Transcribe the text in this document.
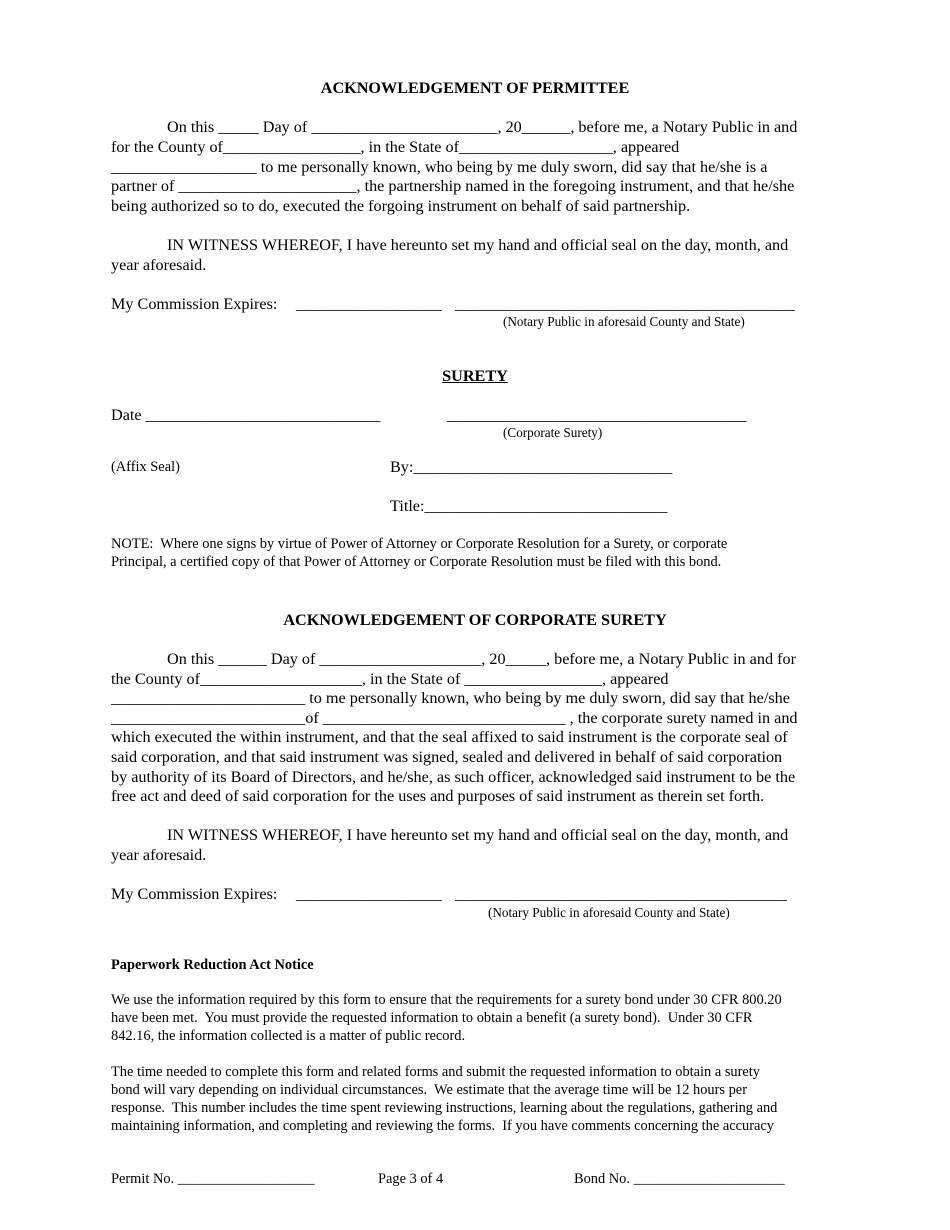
ACKNOWLEDGEMENT OF PERMITTEE
On this _____ Day of _______________________, 20______, before me, a Notary Public in and
for the County of_________________, in the State of___________________, appeared
__________________ to me personally known, who being by me duly sworn, did say that he/she is a
partner of ______________________, the partnership named in the foregoing instrument, and that he/she
being authorized so to do, executed the forgoing instrument on behalf of said partnership.
IN WITNESS WHEREOF, I have hereunto set my hand and official seal on the day, month, and
year aforesaid.
My Commission Expires: __________________ __________________________________________
(Notary Public in aforesaid County and State)
SURETY
Date _____________________________	_____________________________________
(Corporate Surety)
(Affix Seal)	By:________________________________
Title:______________________________
NOTE:  Where one signs by virtue of Power of Attorney or Corporate Resolution for a Surety, or corporate
Principal, a certified copy of that Power of Attorney or Corporate Resolution must be filed with this bond.
ACKNOWLEDGEMENT OF CORPORATE SURETY
On this ______ Day of ____________________, 20_____, before me, a Notary Public in and for
the County of____________________, in the State of _________________, appeared
________________________ to me personally known, who being by me duly sworn, did say that he/she
________________________of ______________________________ , the corporate surety named in and
which executed the within instrument, and that the seal affixed to said instrument is the corporate seal of
said corporation, and that said instrument was signed, sealed and delivered in behalf of said corporation
by authority of its Board of Directors, and he/she, as such officer, acknowledged said instrument to be the
free act and deed of said corporation for the uses and purposes of said instrument as therein set forth.
IN WITNESS WHEREOF, I have hereunto set my hand and official seal on the day, month, and
year aforesaid.
My Commission Expires: __________________ _________________________________________
(Notary Public in aforesaid County and State)
Paperwork Reduction Act Notice
We use the information required by this form to ensure that the requirements for a surety bond under 30 CFR 800.20
have been met.  You must provide the requested information to obtain a benefit (a surety bond).  Under 30 CFR
842.16, the information collected is a matter of public record.
The time needed to complete this form and related forms and submit the requested information to obtain a surety
bond will vary depending on individual circumstances.  We estimate that the average time will be 12 hours per
response.  This number includes the time spent reviewing instructions, learning about the regulations, gathering and
maintaining information, and completing and reviewing the forms.  If you have comments concerning the accuracy
Permit No. ___________________	Page 3 of 4	Bond No. _____________________
